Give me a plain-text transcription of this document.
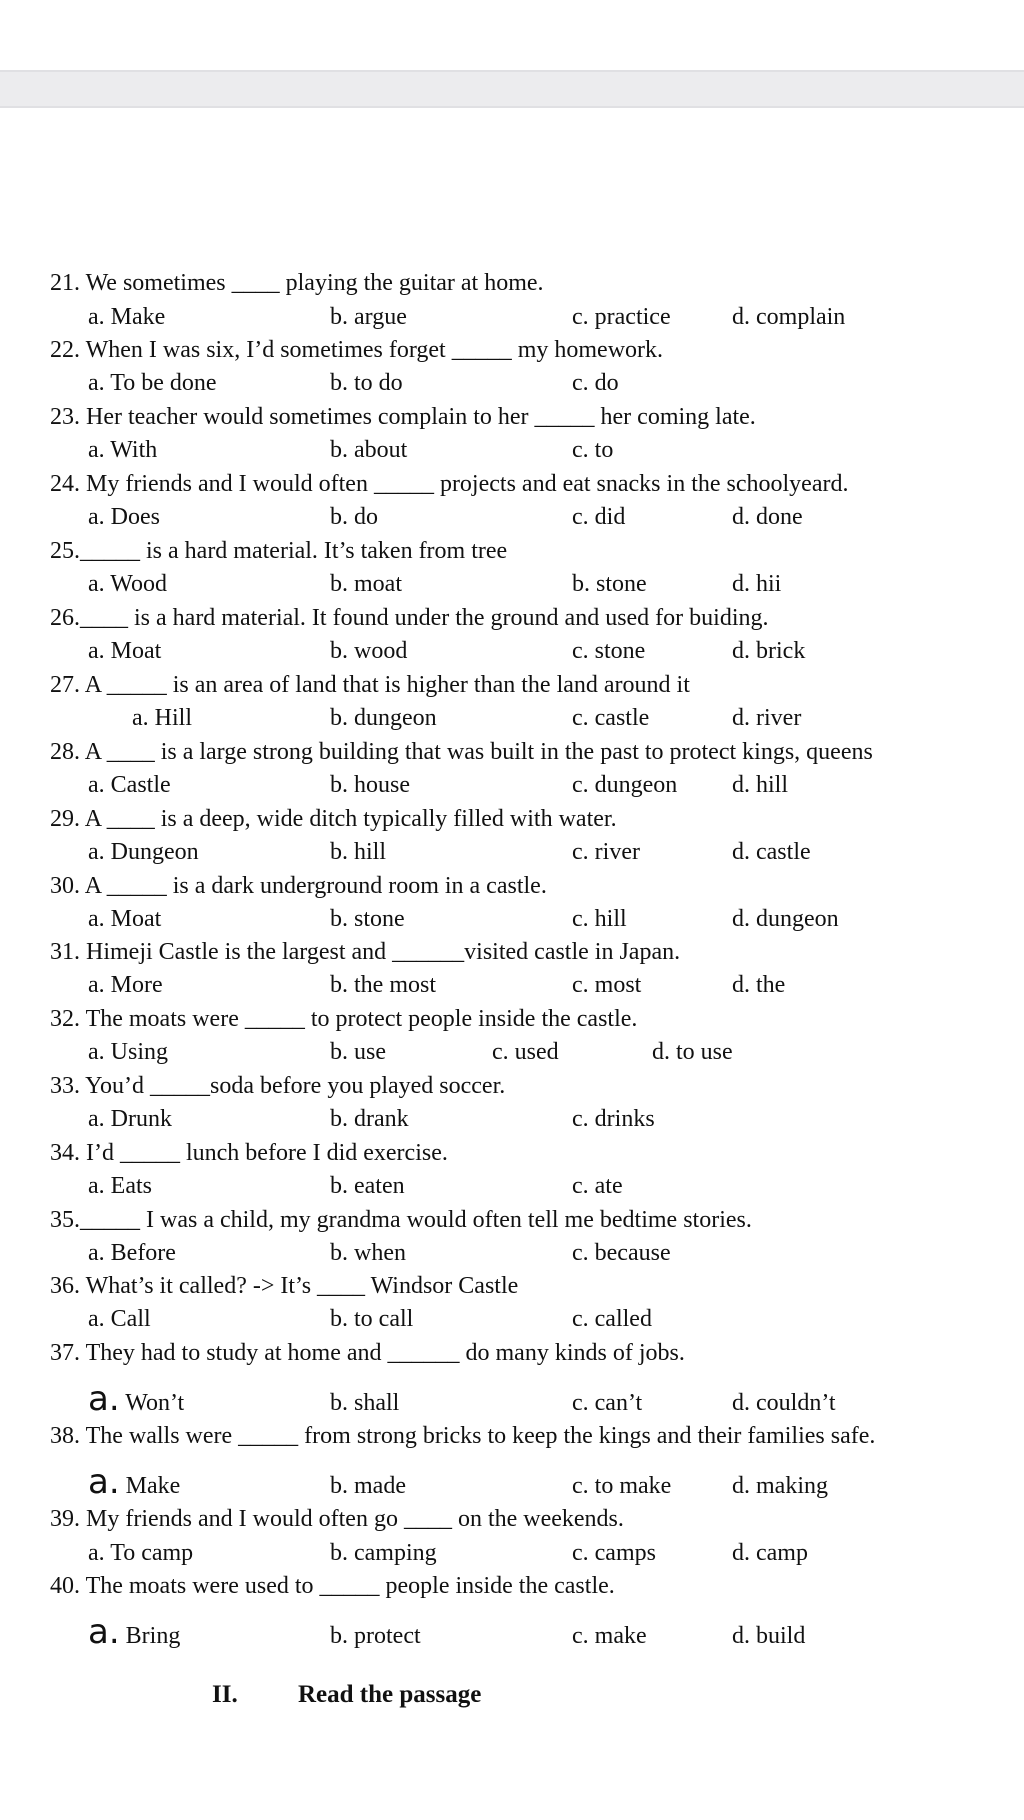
21. We sometimes ____ playing the guitar at home.
a. Make	b. argue	c. practice	d. complain
22. When I was six, I’d sometimes forget _____ my homework.
a. To be done	b. to do	c. do
23. Her teacher would sometimes complain to her _____ her coming late.
a. With	b. about	c. to
24. My friends and I would often _____ projects and eat snacks in the schoolyeard.
a. Does	b. do	c. did	d. done
25._____ is a hard material. It’s taken from tree
a. Wood	b. moat	b. stone	d. hii
26.____ is a hard material. It found under the ground and used for buiding.
a. Moat	b. wood	c. stone	d. brick
27. A _____ is an area of land that is higher than the land around it
a. Hill	b. dungeon	c. castle	d. river
28. A ____ is a large strong building that was built in the past to protect kings, queens
a. Castle	b. house	c. dungeon d. hill
29. A ____ is a deep, wide ditch typically filled with water.
a. Dungeon	b. hill	c. river	d. castle
30. A _____ is a dark underground room in a castle.
a. Moat	b. stone	c. hill	d. dungeon
31. Himeji Castle is the largest and ______visited castle in Japan.
a. More	b. the most	c. most	d. the
32. The moats were _____ to protect people inside the castle.
a. Using	b. use	c. used	d. to use
33. You’d _____soda before you played soccer.
a. Drunk	b. drank	c. drinks
34. I’d _____ lunch before I did exercise.
a. Eats	b. eaten	c. ate
35._____ I was a child, my grandma would often tell me bedtime stories.
a. Before	b. when	c. because
36. What’s it called? -> It’s ____ Windsor Castle
a. Call	b. to call	c. called
37. They had to study at home and ______ do many kinds of jobs.
a. Won’t	b. shall	c. can’t	d. couldn’t
38. The walls were _____ from strong bricks to keep the kings and their families safe.
a. Make	b. made	c. to make	d. making
39. My friends and I would often go ____ on the weekends.
a. To camp	b. camping	c. camps	d. camp
40. The moats were used to _____ people inside the castle.
a. Bring	b. protect	c. make	d. build
II. Read the passage
